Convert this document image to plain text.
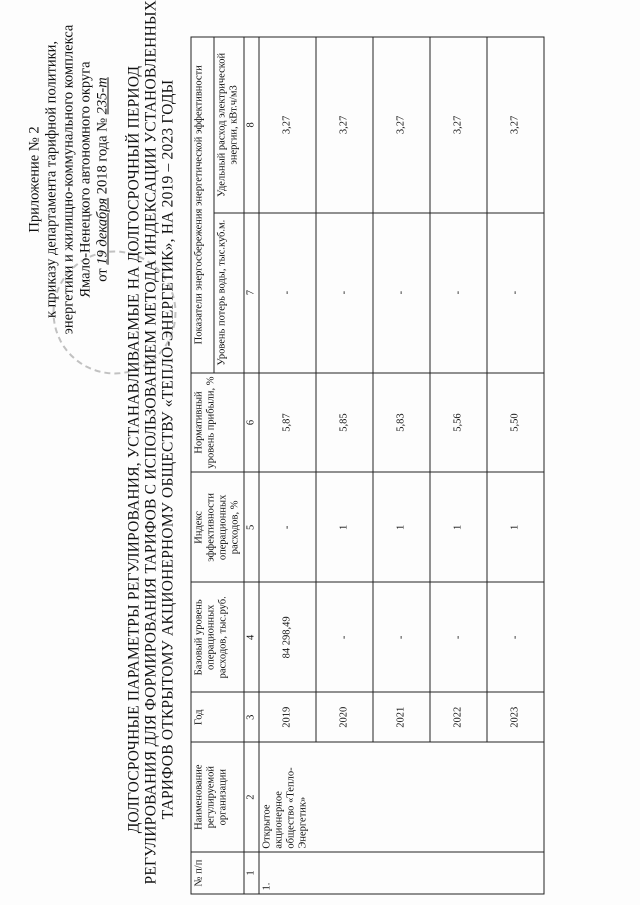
Приложение № 2 к приказу департамента тарифной политики, энергетики и жилищно-коммунального комплекса Ямало-Ненецкого автономного округа от 19 декабря 2018 года № 235-т ДОЛГОСРОЧНЫЕ ПАРАМЕТРЫ РЕГУЛИРОВАНИЯ, УСТАНАВЛИВАЕМЫЕ НА ДОЛГОСРОЧНЫЙ ПЕРИОД РЕГУЛИРОВАНИЯ ДЛЯ ФОРМИРОВАНИЯ ТАРИФОВ С ИСПОЛЬЗОВАНИЕМ МЕТОДА ИНДЕКСАЦИИ УСТАНОВЛЕННЫХ ТАРИФОВ ОТКРЫТОМУ АКЦИОНЕРНОМУ ОБЩЕСТВУ «ТЕПЛО-ЭНЕРГЕТИК», НА 2019 – 2023 ГОДЫ
№ п/п	Наименование регулируемой организации	Год	Базовый уровень операционных расходов, тыс.руб.	Индекс эффективности операционных расходов, %	Нормативный уровень прибыли, %	Показатели энергосбережения энергетической эффективности	
						Уровень потерь воды, тыс.куб.м.	Удельный расход электрической энергии, кВт.ч/м3
1	2	3	4	5	6	7	8
1.	Открытое акционерное общество «Тепло-Энергетик»	2019	84 298,49	-	5,87	-	3,27
		2020	-	1	5,85	-	3,27
		2021	-	1	5,83	-	3,27
		2022	-	1	5,56	-	3,27
		2023	-	1	5,50	-	3,27
